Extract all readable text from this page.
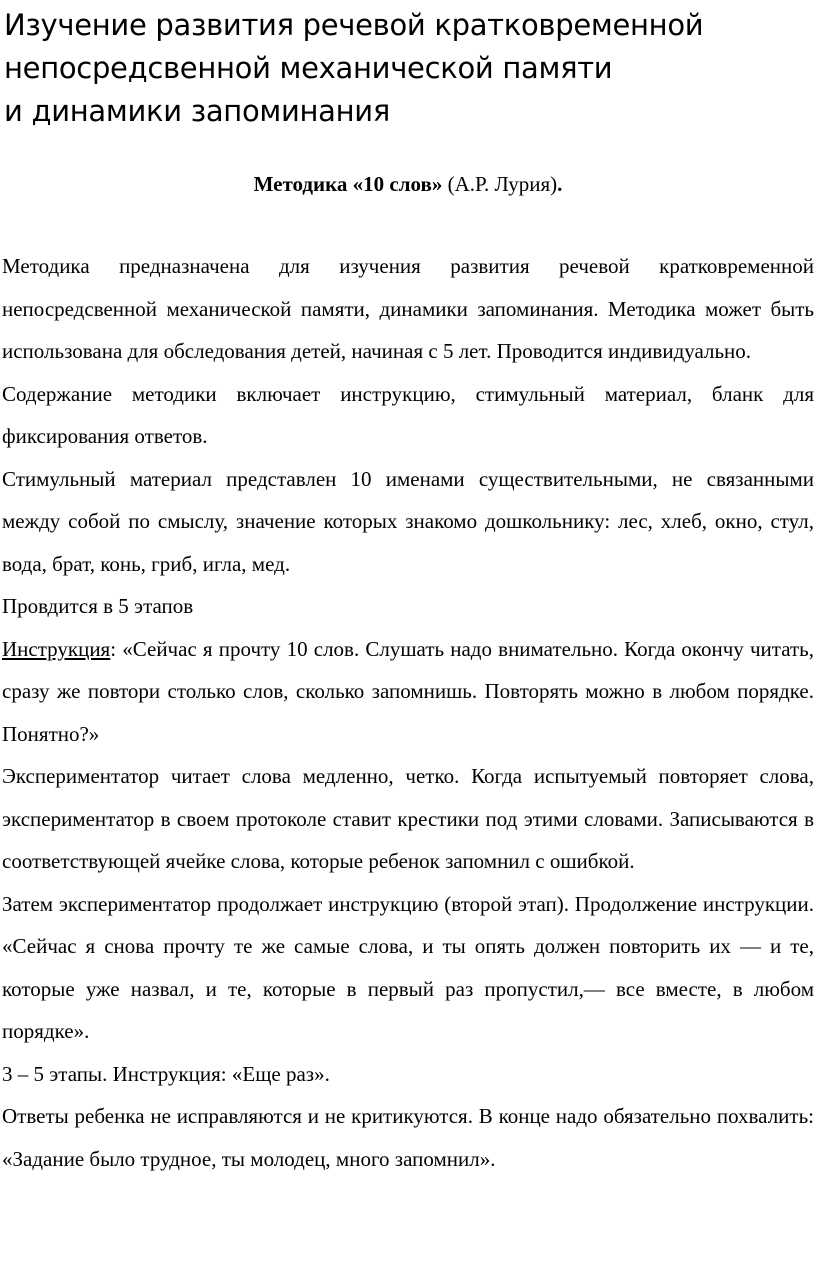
Изучение развития речевой кратковременной
непосредсвенной механической памяти
и динамики запоминания

Методика «10 слов» (А.Р. Лурия).

Методика предназначена для изучения развития речевой кратковременной непосредсвенной механической памяти, динамики запоминания. Методика может быть использована для обследования детей, начиная с 5 лет. Проводится индивидуально.

Содержание методики включает инструкцию, стимульный материал, бланк для фиксирования ответов.

Стимульный материал представлен 10 именами существительными, не связанными между собой по смыслу, значение которых знакомо дошкольнику: лес, хлеб, окно, стул, вода, брат, конь, гриб, игла, мед.

Провдится в 5 этапов

Инструкция: «Сейчас я прочту 10 слов. Слушать надо внимательно. Когда окончу читать, сразу же повтори столько слов, сколько запомнишь. Повторять можно в любом порядке. Понятно?»

Экспериментатор читает слова медленно, четко. Когда испытуемый повторяет слова, экспериментатор в своем протоколе ставит крестики под этими словами. Записываются в соответствующей ячейке слова, которые ребенок запомнил с ошибкой.

Затем экспериментатор продолжает инструкцию (второй этап). Продолжение инструкции. «Сейчас я снова прочту те же самые слова, и ты опять должен повторить их — и те, которые уже назвал, и те, которые в первый раз пропустил,— все вместе, в любом порядке».

3 – 5 этапы. Инструкция: «Еще раз».

Ответы ребенка не исправляются и не критикуются. В конце надо обязательно похвалить: «Задание было трудное, ты молодец, много запомнил».
